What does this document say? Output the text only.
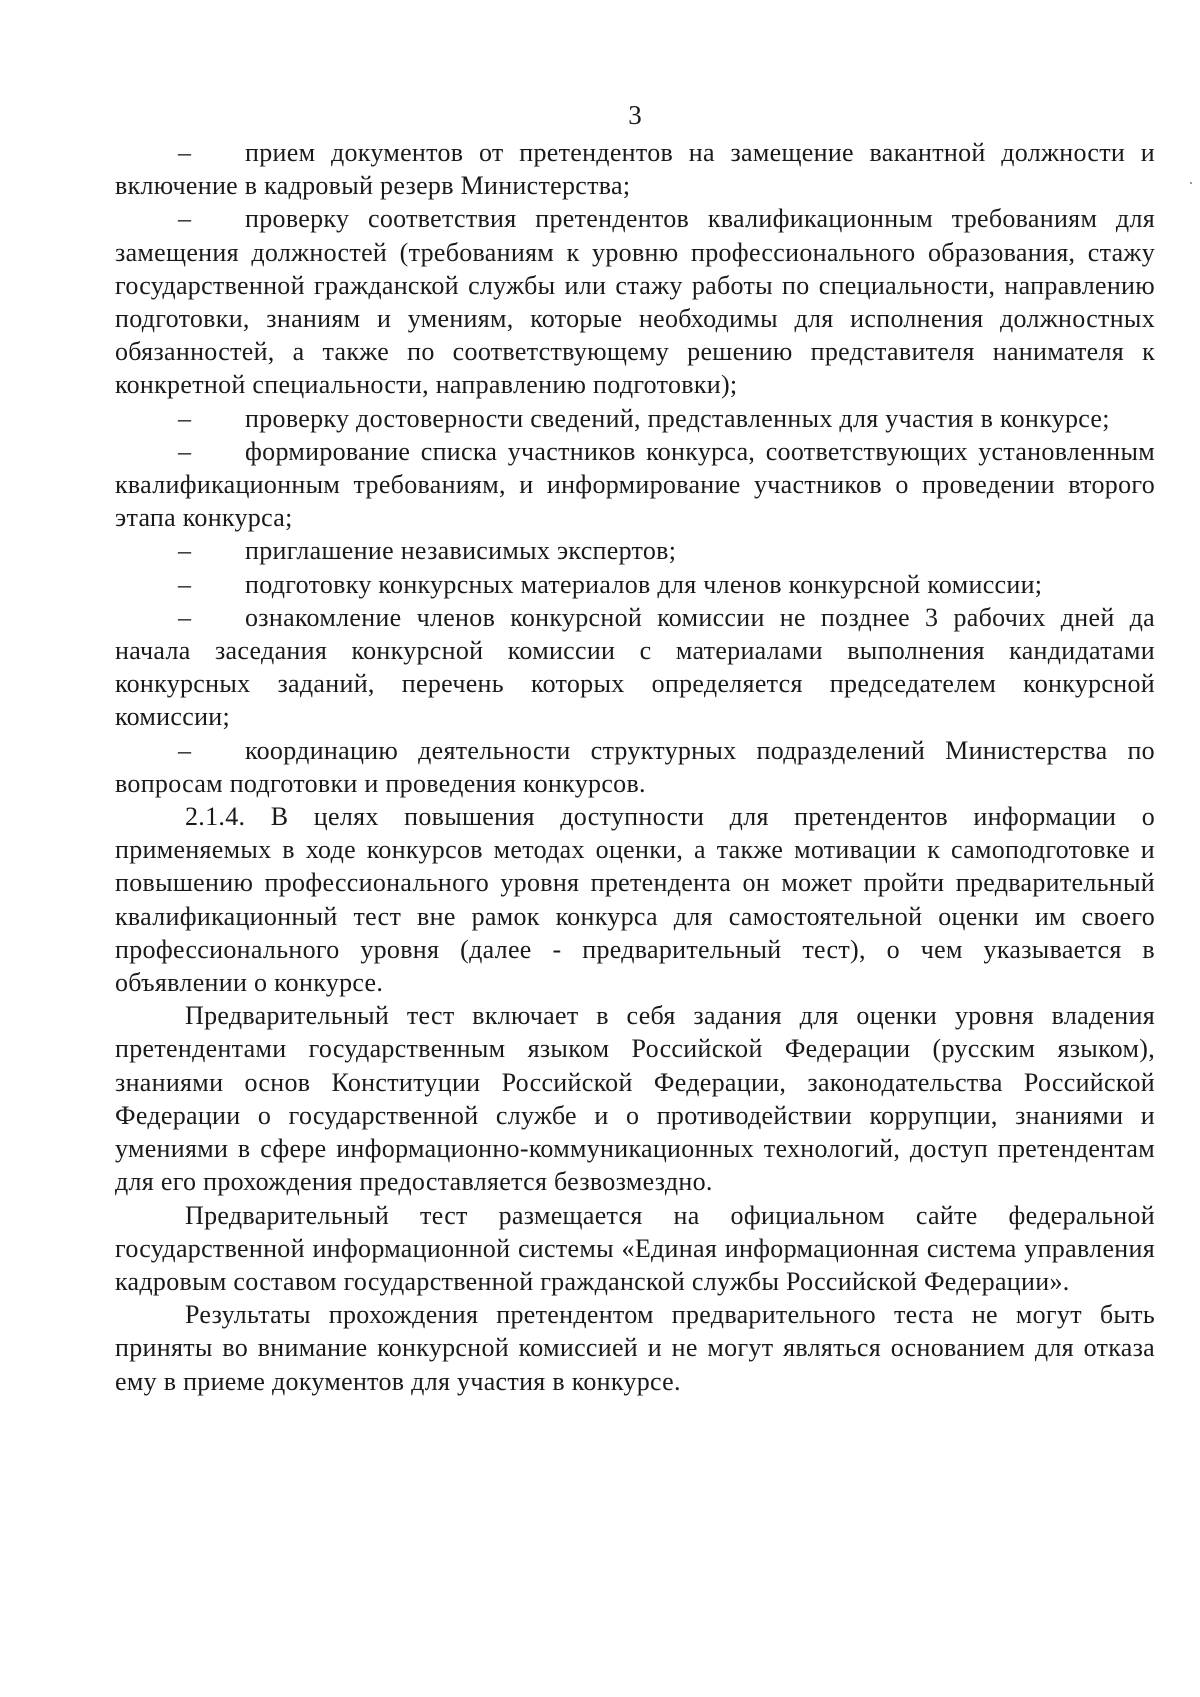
3

– прием документов от претендентов на замещение вакантной должности и включение в кадровый резерв Министерства;

– проверку соответствия претендентов квалификационным требованиям для замещения должностей (требованиям к уровню профессионального образования, стажу государственной гражданской службы или стажу работы по специальности, направлению подготовки, знаниям и умениям, которые необходимы для исполнения должностных обязанностей, а также по соответствующему решению представителя нанимателя к конкретной специальности, направлению подготовки);

– проверку достоверности сведений, представленных для участия в конкурсе;

– формирование списка участников конкурса, соответствующих установленным квалификационным требованиям, и информирование участников о проведении второго этапа конкурса;

– приглашение независимых экспертов;

– подготовку конкурсных материалов для членов конкурсной комиссии;

– ознакомление членов конкурсной комиссии не позднее 3 рабочих дней да начала заседания конкурсной комиссии с материалами выполнения кандидатами конкурсных заданий, перечень которых определяется председателем конкурсной комиссии;

– координацию деятельности структурных подразделений Министерства по вопросам подготовки и проведения конкурсов.

2.1.4. В целях повышения доступности для претендентов информации о применяемых в ходе конкурсов методах оценки, а также мотивации к самоподготовке и повышению профессионального уровня претендента он может пройти предварительный квалификационный тест вне рамок конкурса для самостоятельной оценки им своего профессионального уровня (далее - предварительный тест), о чем указывается в объявлении о конкурсе.

Предварительный тест включает в себя задания для оценки уровня владения претендентами государственным языком Российской Федерации (русским языком), знаниями основ Конституции Российской Федерации, законодательства Российской Федерации о государственной службе и о противодействии коррупции, знаниями и умениями в сфере информационно-коммуникационных технологий, доступ претендентам для его прохождения предоставляется безвозмездно.

Предварительный тест размещается на официальном сайте федеральной государственной информационной системы «Единая информационная система управления кадровым составом государственной гражданской службы Российской Федерации».

Результаты прохождения претендентом предварительного теста не могут быть приняты во внимание конкурсной комиссией и не могут являться основанием для отказа ему в приеме документов для участия в конкурсе.
